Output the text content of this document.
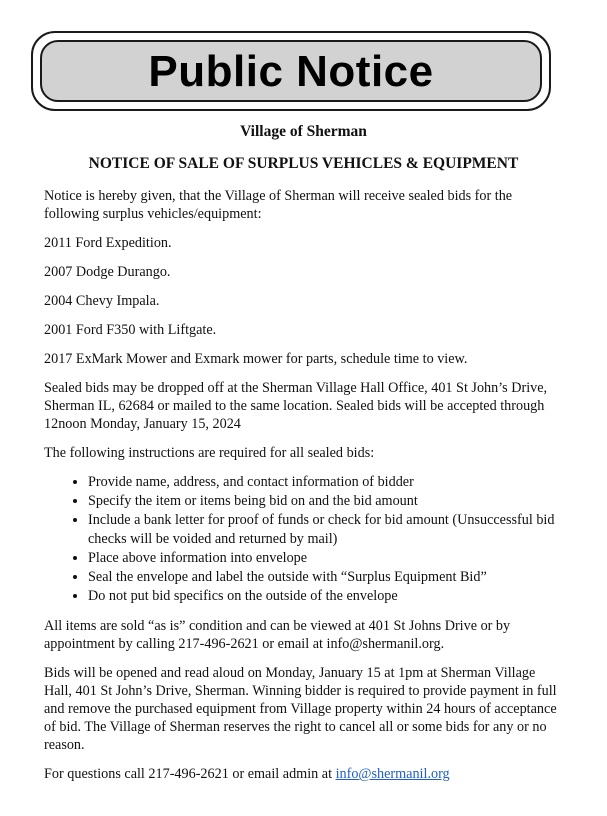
Public Notice
Village of Sherman
NOTICE OF SALE OF SURPLUS VEHICLES & EQUIPMENT

Notice is hereby given, that the Village of Sherman will receive sealed bids for the following surplus vehicles/equipment:

2011 Ford Expedition.

2007 Dodge Durango.

2004 Chevy Impala.

2001 Ford F350 with Liftgate.

2017 ExMark Mower and Exmark mower for parts, schedule time to view.

Sealed bids may be dropped off at the Sherman Village Hall Office, 401 St John’s Drive, Sherman IL, 62684 or mailed to the same location. Sealed bids will be accepted through 12noon Monday, January 15, 2024

The following instructions are required for all sealed bids:

• Provide name, address, and contact information of bidder
• Specify the item or items being bid on and the bid amount
• Include a bank letter for proof of funds or check for bid amount (Unsuccessful bid checks will be voided and returned by mail)
• Place above information into envelope
• Seal the envelope and label the outside with “Surplus Equipment Bid”
• Do not put bid specifics on the outside of the envelope

All items are sold “as is” condition and can be viewed at 401 St Johns Drive or by appointment by calling 217-496-2621 or email at info@shermanil.org.

Bids will be opened and read aloud on Monday, January 15 at 1pm at Sherman Village Hall, 401 St John’s Drive, Sherman. Winning bidder is required to provide payment in full and remove the purchased equipment from Village property within 24 hours of acceptance of bid. The Village of Sherman reserves the right to cancel all or some bids for any or no reason.

For questions call 217-496-2621 or email admin at info@shermanil.org
